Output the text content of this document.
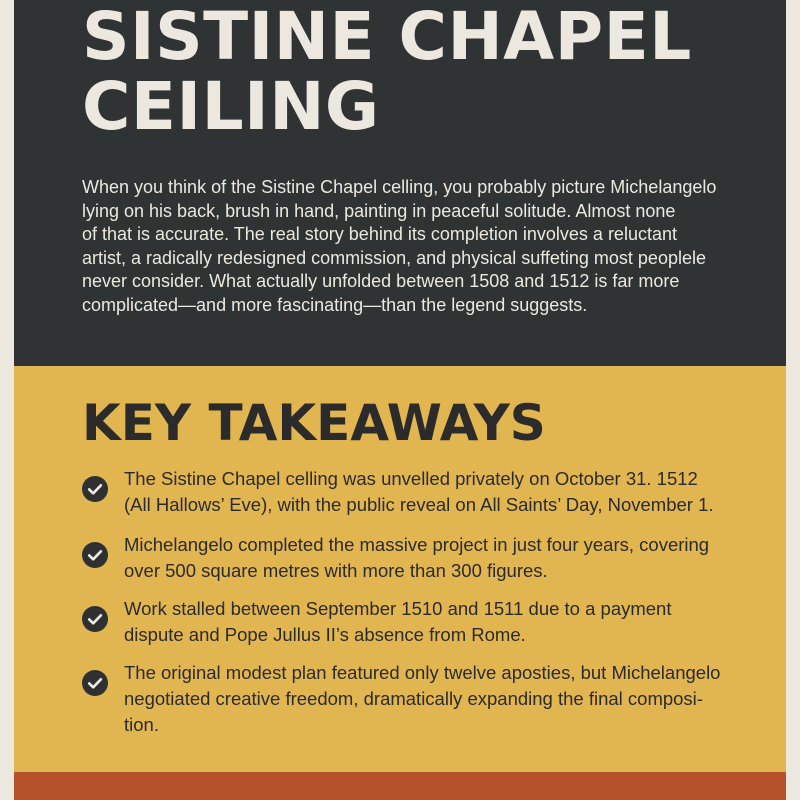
SISTINE CHAPEL
CEILING

When you think of the Sistine Chapel celling, you probably picture Michelangelo
lying on his back, brush in hand, painting in peaceful solitude. Almost none
of that is accurate. The real story behind its completion involves a reluctant
artist, a radically redesigned commission, and physical suffeting most peoplele
never consider. What actually unfolded between 1508 and 1512 is far more
complicated—and more fascinating—than the legend suggests.

KEY TAKEAWAYS
The Sistine Chapel celling was unvelled privately on October 31. 1512
(All Hallows’ Eve), with the public reveal on All Saints’ Day, November 1.
Michelangelo completed the massive project in just four years, covering
over 500 square metres with more than 300 figures.
Work stalled between September 1510 and 1511 due to a payment
dispute and Pope Jullus II’s absence from Rome.
The original modest plan featured only twelve aposties, but Michelangelo
negotiated creative freedom, dramatically expanding the final composi-
tion.
